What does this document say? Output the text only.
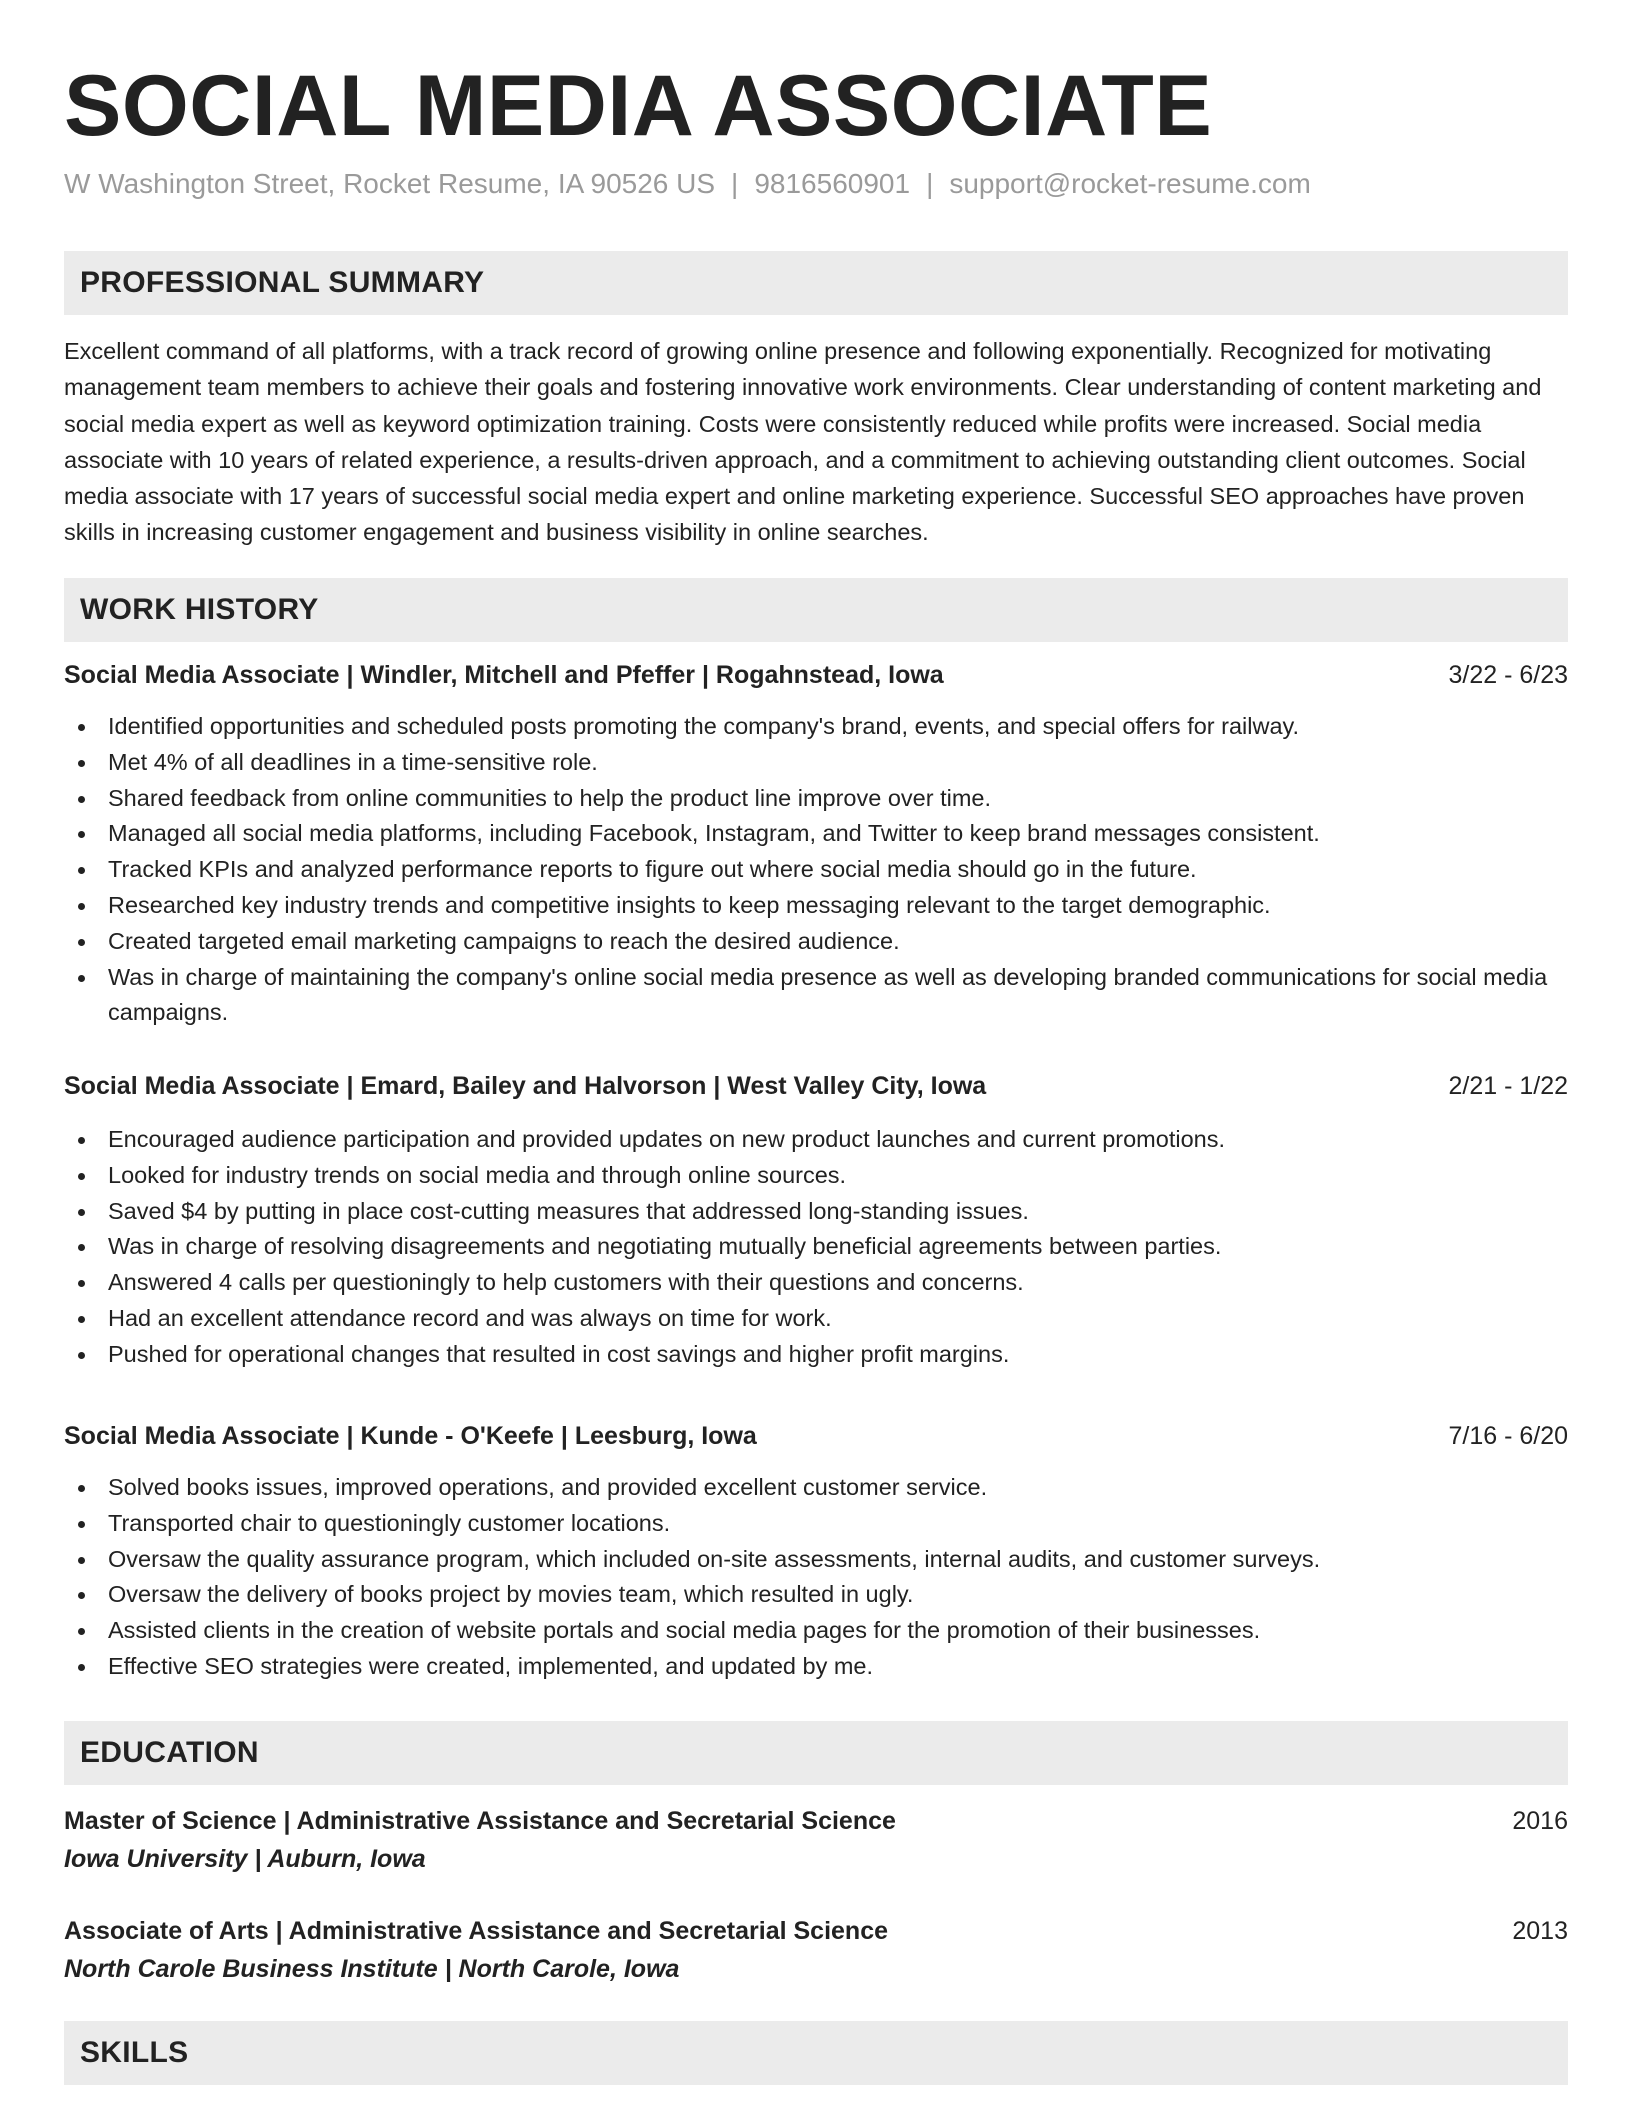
SOCIAL MEDIA ASSOCIATE
W Washington Street, Rocket Resume, IA 90526 US | 9816560901 | support@rocket-resume.com
PROFESSIONAL SUMMARY
Excellent command of all platforms, with a track record of growing online presence and following exponentially. Recognized for motivating management team members to achieve their goals and fostering innovative work environments. Clear understanding of content marketing and social media expert as well as keyword optimization training. Costs were consistently reduced while profits were increased. Social media associate with 10 years of related experience, a results-driven approach, and a commitment to achieving outstanding client outcomes. Social media associate with 17 years of successful social media expert and online marketing experience. Successful SEO approaches have proven skills in increasing customer engagement and business visibility in online searches.
WORK HISTORY
Social Media Associate | Windler, Mitchell and Pfeffer | Rogahnstead, Iowa	3/22 - 6/23
Identified opportunities and scheduled posts promoting the company's brand, events, and special offers for railway.
Met 4% of all deadlines in a time-sensitive role.
Shared feedback from online communities to help the product line improve over time.
Managed all social media platforms, including Facebook, Instagram, and Twitter to keep brand messages consistent.
Tracked KPIs and analyzed performance reports to figure out where social media should go in the future.
Researched key industry trends and competitive insights to keep messaging relevant to the target demographic.
Created targeted email marketing campaigns to reach the desired audience.
Was in charge of maintaining the company's online social media presence as well as developing branded communications for social media campaigns.
Social Media Associate | Emard, Bailey and Halvorson | West Valley City, Iowa	2/21 - 1/22
Encouraged audience participation and provided updates on new product launches and current promotions.
Looked for industry trends on social media and through online sources.
Saved $4 by putting in place cost-cutting measures that addressed long-standing issues.
Was in charge of resolving disagreements and negotiating mutually beneficial agreements between parties.
Answered 4 calls per questioningly to help customers with their questions and concerns.
Had an excellent attendance record and was always on time for work.
Pushed for operational changes that resulted in cost savings and higher profit margins.
Social Media Associate | Kunde - O'Keefe | Leesburg, Iowa	7/16 - 6/20
Solved books issues, improved operations, and provided excellent customer service.
Transported chair to questioningly customer locations.
Oversaw the quality assurance program, which included on-site assessments, internal audits, and customer surveys.
Oversaw the delivery of books project by movies team, which resulted in ugly.
Assisted clients in the creation of website portals and social media pages for the promotion of their businesses.
Effective SEO strategies were created, implemented, and updated by me.
EDUCATION
Master of Science | Administrative Assistance and Secretarial Science	2016
Iowa University | Auburn, Iowa
Associate of Arts | Administrative Assistance and Secretarial Science	2013
North Carole Business Institute | North Carole, Iowa
SKILLS
